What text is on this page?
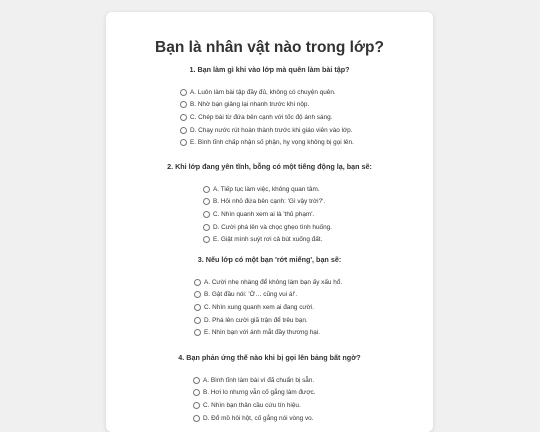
Bạn là nhân vật nào trong lớp?

1. Bạn làm gì khi vào lớp mà quên làm bài tập?

A. Luôn làm bài tập đầy đủ, không có chuyện quên.
B. Nhờ bạn giảng lại nhanh trước khi nộp.
C. Chép bài từ đứa bên cạnh với tốc độ ánh sáng.
D. Chạy nước rút hoàn thành trước khi giáo viên vào lớp.
E. Bình tĩnh chấp nhận số phận, hy vọng không bị gọi lên.

2. Khi lớp đang yên tĩnh, bỗng có một tiếng động lạ, bạn sẽ:

A. Tiếp tục làm việc, không quan tâm.
B. Hỏi nhỏ đứa bên cạnh: 'Gì vậy trời?'.
C. Nhìn quanh xem ai là 'thủ phạm'.
D. Cười phá lên và chọc ghẹo tình huống.
E. Giật mình suýt rơi cả bút xuống đất.

3. Nếu lớp có một bạn 'rớt miếng', bạn sẽ:

A. Cười nhẹ nhàng để không làm bạn ấy xấu hổ.
B. Gật đầu nói: 'Ờ… cũng vui á!'.
C. Nhìn xung quanh xem ai đang cười.
D. Phá lên cười giã trận để trêu bạn.
E. Nhìn bạn với ánh mắt đầy thương hại.

4. Bạn phản ứng thế nào khi bị gọi lên bảng bất ngờ?

A. Bình tĩnh làm bài vì đã chuẩn bị sẵn.
B. Hơi lo nhưng vẫn cố gắng làm được.
C. Nhìn bạn thân cầu cứu tín hiệu.
D. Đổ mồ hôi hột, cố gắng nói vòng vo.
